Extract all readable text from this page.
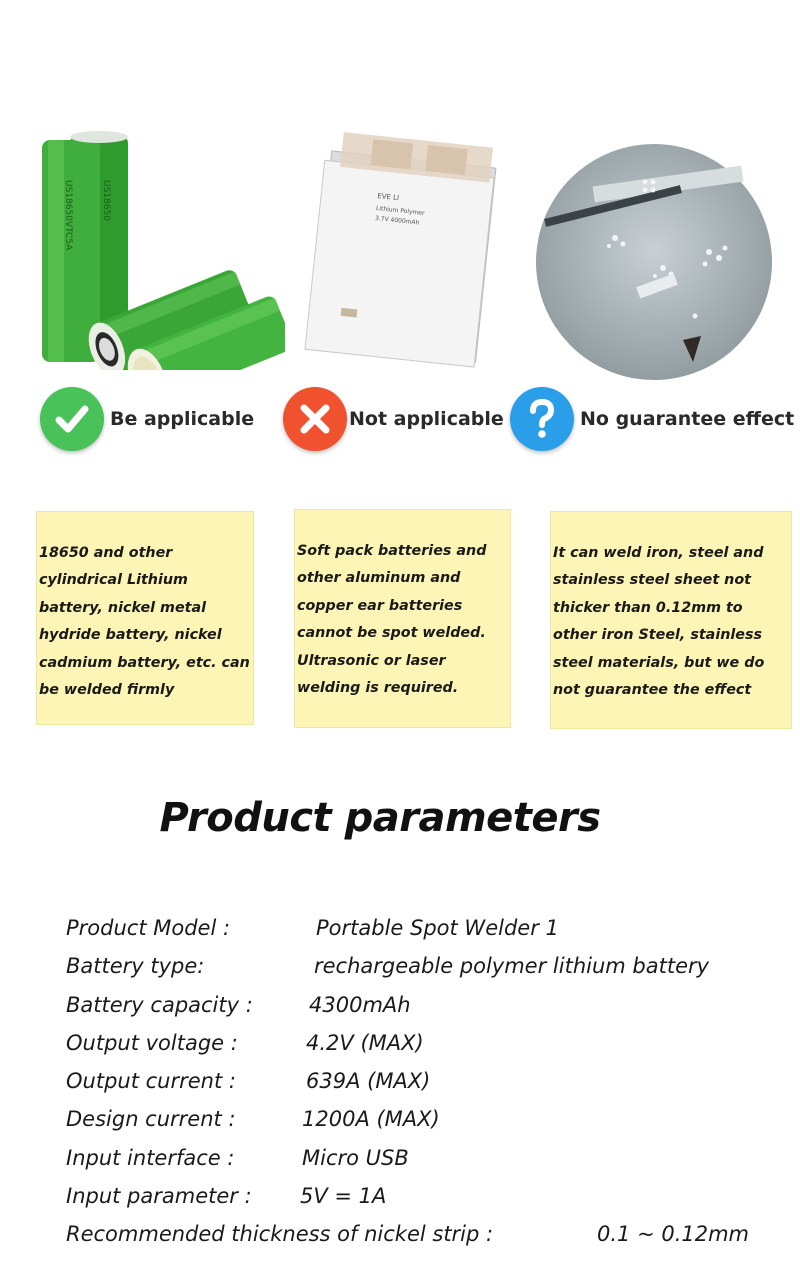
US18650VTC5A	US18650	EVE LI
Lithium Polymer
3.7V 4000mAh
Be applicable	Not applicable	No guarantee effect
18650 and other cylindrical Lithium battery, nickel metal hydride battery, nickel cadmium battery, etc. can be welded firmly
Soft pack batteries and other aluminum and copper ear batteries cannot be spot welded. Ultrasonic or laser welding is required.
It can weld iron, steel and stainless steel sheet not thicker than 0.12mm to other iron Steel, stainless steel materials, but we do not guarantee the effect
Product parameters
Product Model :	Portable Spot Welder 1
Battery type:	rechargeable polymer lithium battery
Battery capacity :	4300mAh
Output voltage :	4.2V (MAX)
Output current :	639A (MAX)
Design current :	1200A (MAX)
Input interface :	Micro USB
Input parameter : 5V = 1A
Recommended thickness of nickel strip :	0.1 ~ 0.12mm
